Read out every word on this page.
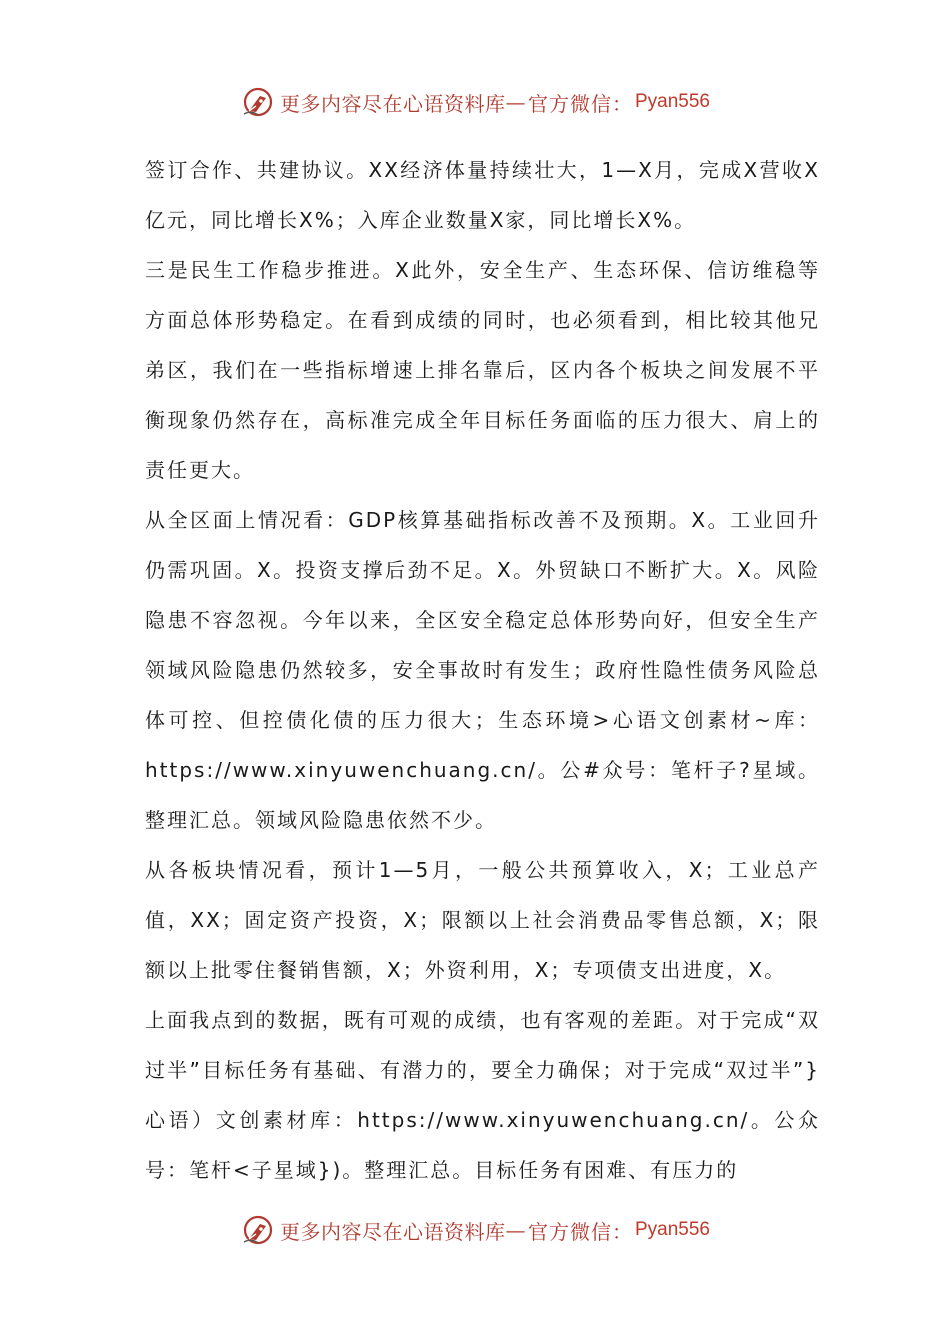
更多内容尽在心语资料库 — 官方微信： Pyan556

签订合作、共建协议。XX经济体量持续壮大，1—X月，完成X营收X亿元，同比增长X%；入库企业数量X家，同比增长X%。

三是民生工作稳步推进。X此外，安全生产、生态环保、信访维稳等方面总体形势稳定。在看到成绩的同时，也必须看到，相比较其他兄弟区，我们在一些指标增速上排名靠后，区内各个板块之间发展不平衡现象仍然存在，高标准完成全年目标任务面临的压力很大、肩上的责任更大。

从全区面上情况看：GDP核算基础指标改善不及预期。X。工业回升仍需巩固。X。投资支撑后劲不足。X。外贸缺口不断扩大。X。风险隐患不容忽视。今年以来，全区安全稳定总体形势向好，但安全生产领域风险隐患仍然较多，安全事故时有发生；政府性隐性债务风险总体可控、但控债化债的压力很大；生态环境>心语文创素材~库：https://www.xinyuwenchuang.cn/。公#众号：笔杆子?星域。整理汇总。领域风险隐患依然不少。

从各板块情况看，预计1—5月，一般公共预算收入，X；工业总产值，XX；固定资产投资，X；限额以上社会消费品零售总额，X；限额以上批零住餐销售额，X；外资利用，X；专项债支出进度，X。

上面我点到的数据，既有可观的成绩，也有客观的差距。对于完成“双过半”目标任务有基础、有潜力的，要全力确保；对于完成“双过半”}心语）文创素材库：https://www.xinyuwenchuang.cn/。公众号：笔杆<子星域})。整理汇总。目标任务有困难、有压力的

更多内容尽在心语资料库 — 官方微信： Pyan556
